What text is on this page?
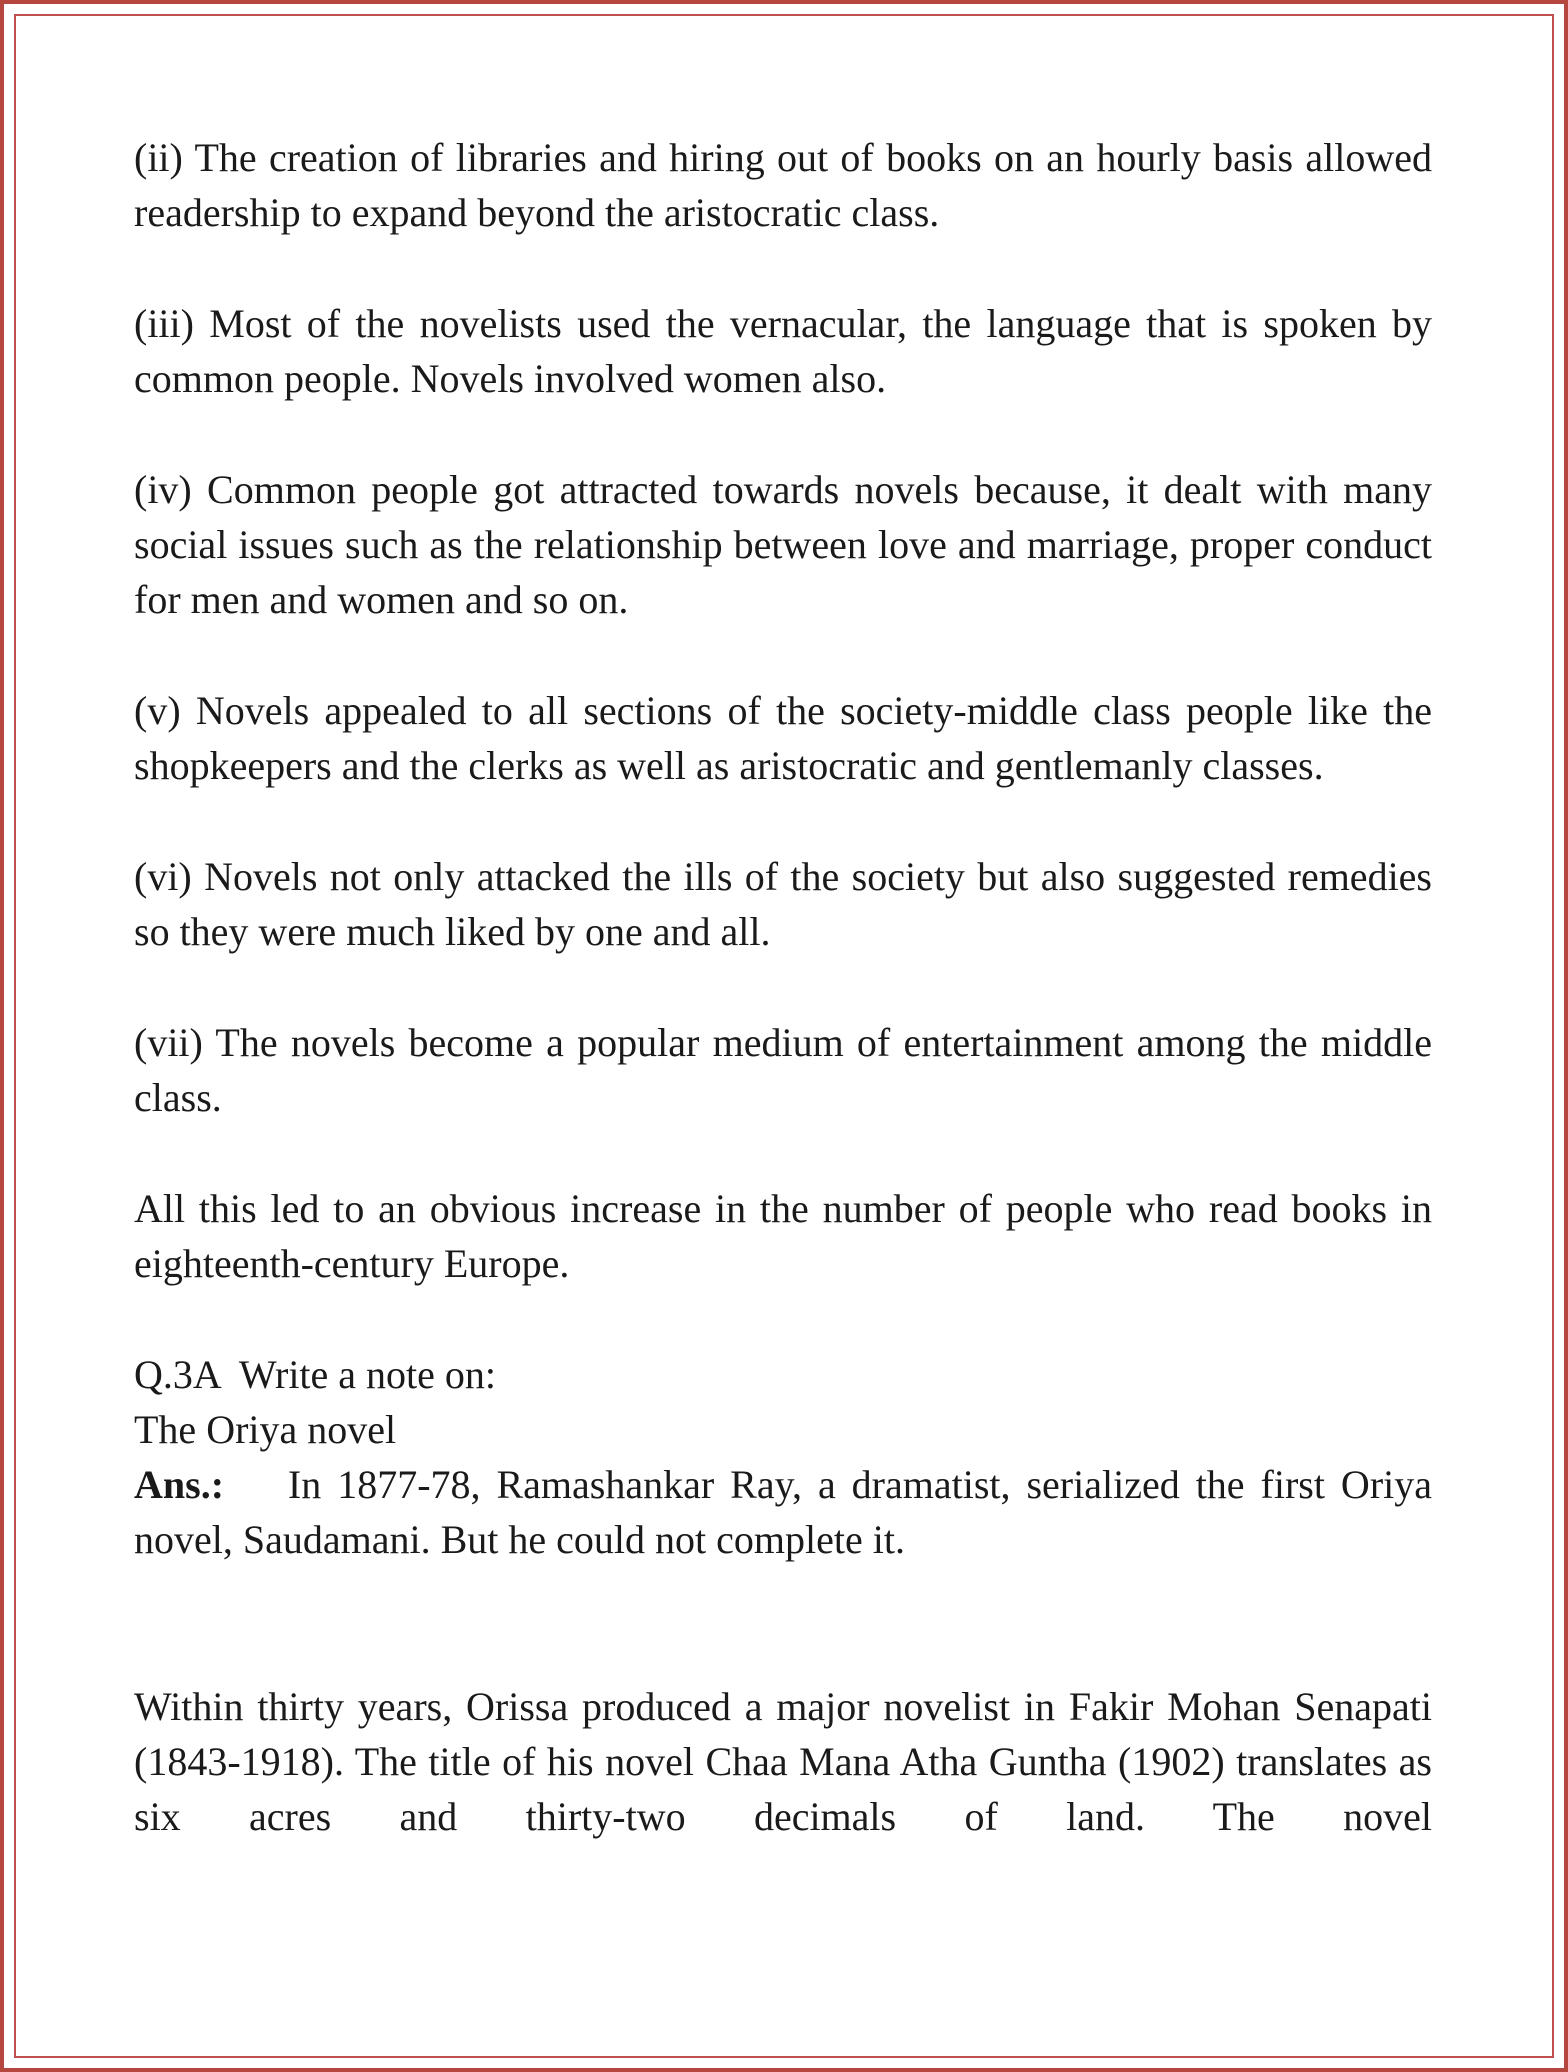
(ii) The creation of libraries and hiring out of books on an hourly basis allowed readership to expand beyond the aristocratic class.

(iii) Most of the novelists used the vernacular, the language that is spoken by common people. Novels involved women also.

(iv) Common people got attracted towards novels because, it dealt with many social issues such as the relationship between love and marriage, proper conduct for men and women and so on.

(v) Novels appealed to all sections of the society-middle class people like the shopkeepers and the clerks as well as aristocratic and gentlemanly classes.

(vi) Novels not only attacked the ills of the society but also suggested remedies so they were much liked by one and all.

(vii) The novels become a popular medium of entertainment among the middle class.

All this led to an obvious increase in the number of people who read books in eighteenth-century Europe.

Q.3A  Write a note on:

The Oriya novel

Ans.: In 1877-78, Ramashankar Ray, a dramatist, serialized the first Oriya novel, Saudamani. But he could not complete it.

Within thirty years, Orissa produced a major novelist in Fakir Mohan Senapati (1843-1918). The title of his novel Chaa Mana Atha Guntha (1902) translates as six acres and thirty-two decimals of land. The novel
